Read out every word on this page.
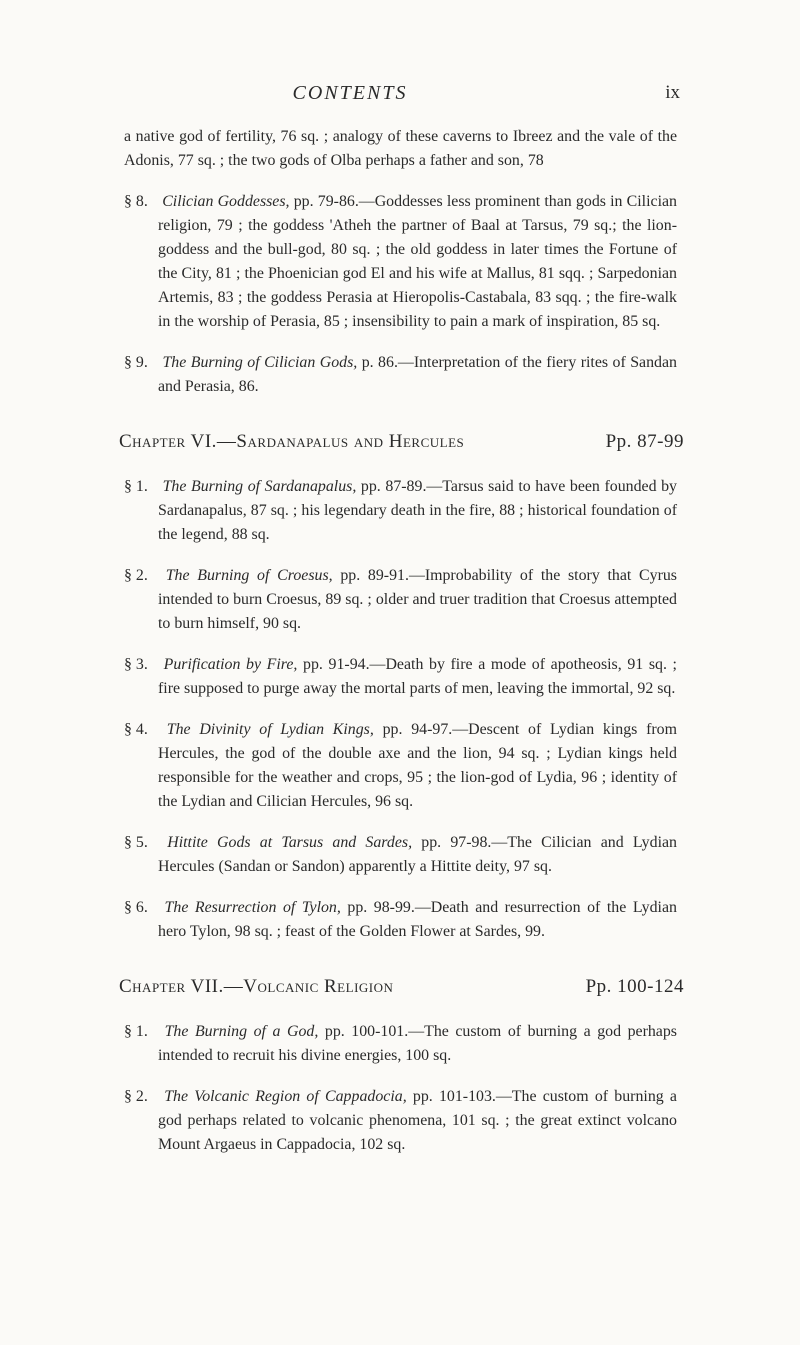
CONTENTS	ix

a native god of fertility, 76 sq. ; analogy of these caverns to Ibreez and the vale of the Adonis, 77 sq. ; the two gods of Olba perhaps a father and son, 78

§ 8. Cilician Goddesses, pp. 79-86.—Goddesses less prominent than gods in Cilician religion, 79 ; the goddess 'Atheh the partner of Baal at Tarsus, 79 sq.; the lion-goddess and the bull-god, 80 sq. ; the old goddess in later times the Fortune of the City, 81 ; the Phoenician god El and his wife at Mallus, 81 sqq. ; Sarpedonian Artemis, 83 ; the goddess Perasia at Hieropolis-Castabala, 83 sqq. ; the fire-walk in the worship of Perasia, 85 ; insensibility to pain a mark of inspiration, 85 sq.

§ 9. The Burning of Cilician Gods, p. 86.—Interpretation of the fiery rites of Sandan and Perasia, 86.

Chapter VI.—Sardanapalus and Hercules	Pp. 87-99

§ 1. The Burning of Sardanapalus, pp. 87-89.—Tarsus said to have been founded by Sardanapalus, 87 sq. ; his legendary death in the fire, 88 ; historical foundation of the legend, 88 sq.

§ 2. The Burning of Croesus, pp. 89-91.—Improbability of the story that Cyrus intended to burn Croesus, 89 sq. ; older and truer tradition that Croesus attempted to burn himself, 90 sq.

§ 3. Purification by Fire, pp. 91-94.—Death by fire a mode of apotheosis, 91 sq. ; fire supposed to purge away the mortal parts of men, leaving the immortal, 92 sq.

§ 4. The Divinity of Lydian Kings, pp. 94-97.—Descent of Lydian kings from Hercules, the god of the double axe and the lion, 94 sq. ; Lydian kings held responsible for the weather and crops, 95 ; the lion-god of Lydia, 96 ; identity of the Lydian and Cilician Hercules, 96 sq.

§ 5. Hittite Gods at Tarsus and Sardes, pp. 97-98.—The Cilician and Lydian Hercules (Sandan or Sandon) apparently a Hittite deity, 97 sq.

§ 6. The Resurrection of Tylon, pp. 98-99.—Death and resurrection of the Lydian hero Tylon, 98 sq. ; feast of the Golden Flower at Sardes, 99.

Chapter VII.—Volcanic Religion	Pp. 100-124

§ 1. The Burning of a God, pp. 100-101.—The custom of burning a god perhaps intended to recruit his divine energies, 100 sq.

§ 2. The Volcanic Region of Cappadocia, pp. 101-103.—The custom of burning a god perhaps related to volcanic phenomena, 101 sq. ; the great extinct volcano Mount Argaeus in Cappadocia, 102 sq.
